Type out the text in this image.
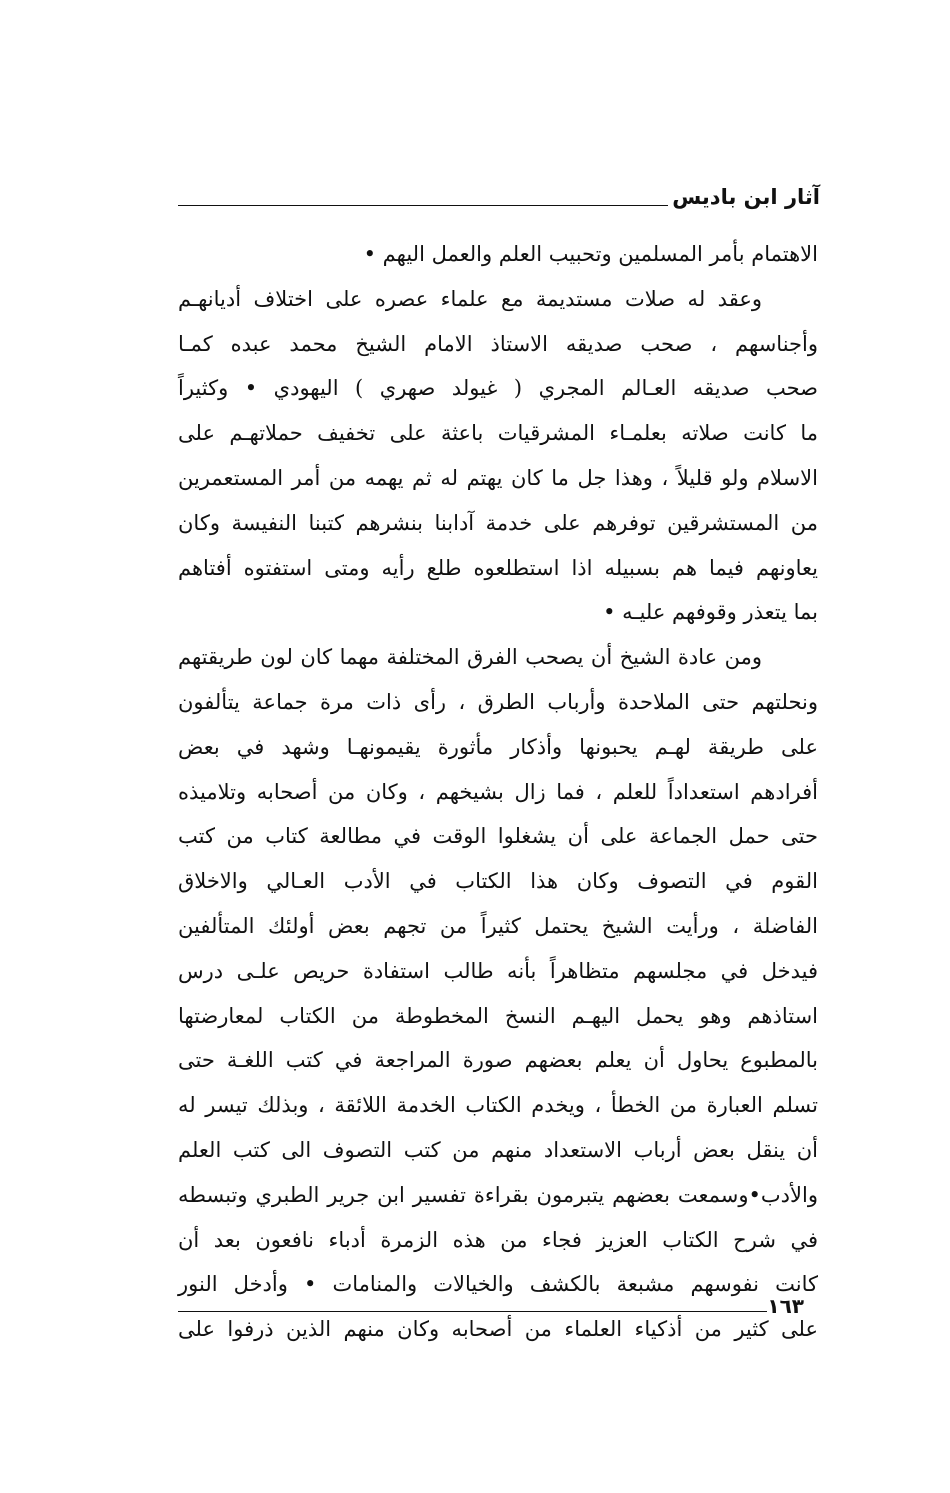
آثار ابن باديس
الاهتمام بأمر المسلمين وتحبيب العلم والعمل اليهم •
وعقد له صلات مستديمة مع علماء عصره على اختلاف أديانهـم
وأجناسهم ، صحب صديقه الاستاذ الامام الشيخ محمد عبده كمـا
صحب صديقه العـالم المجري ( غيولد صهري ) اليهودي • وكثيراً
ما كانت صلاته بعلمـاء المشرقيات باعثة على تخفيف حملاتهـم على
الاسلام ولو قليلاً ، وهذا جل ما كان يهتم له ثم يهمه من أمر المستعمرين
من المستشرقين توفرهم على خدمة آدابنا بنشرهم كتبنا النفيسة وكان
يعاونهم فيما هم بسبيله اذا استطلعوه طلع رأيه ومتى استفتوه أفتاهم
بما يتعذر وقوفهم عليـه •
ومن عادة الشيخ أن يصحب الفرق المختلفة مهما كان لون طريقتهم
ونحلتهم حتى الملاحدة وأرباب الطرق ، رأى ذات مرة جماعة يتألفون
على طريقة لهـم يحبونها وأذكار مأثورة يقيمونهـا وشهد في بعض
أفرادهم استعداداً للعلم ، فما زال بشيخهم ، وكان من أصحابه وتلاميذه
حتى حمل الجماعة على أن يشغلوا الوقت في مطالعة كتاب من كتب
القوم في التصوف وكان هذا الكتاب في الأدب العـالي والاخلاق
الفاضلة ، ورأيت الشيخ يحتمل كثيراً من تجهم بعض أولئك المتألفين
فيدخل في مجلسهم متظاهراً بأنه طالب استفادة حريص علـى درس
استاذهم وهو يحمل اليهـم النسخ المخطوطة من الكتاب لمعارضتها
بالمطبوع يحاول أن يعلم بعضهم صورة المراجعة في كتب اللغـة حتى
تسلم العبارة من الخطأ ، ويخدم الكتاب الخدمة اللائقة ، وبذلك تيسر له
أن ينقل بعض أرباب الاستعداد منهم من كتب التصوف الى كتب العلم
والأدب•وسمعت بعضهم يتبرمون بقراءة تفسير ابن جرير الطبري وتبسطه
في شرح الكتاب العزيز فجاء من هذه الزمرة أدباء نافعون بعد أن
كانت نفوسهم مشبعة بالكشف والخيالات والمنامات • وأدخل النور
على كثير من أذكياء العلماء من أصحابه وكان منهم الذين ذرفوا على
١٦٣
